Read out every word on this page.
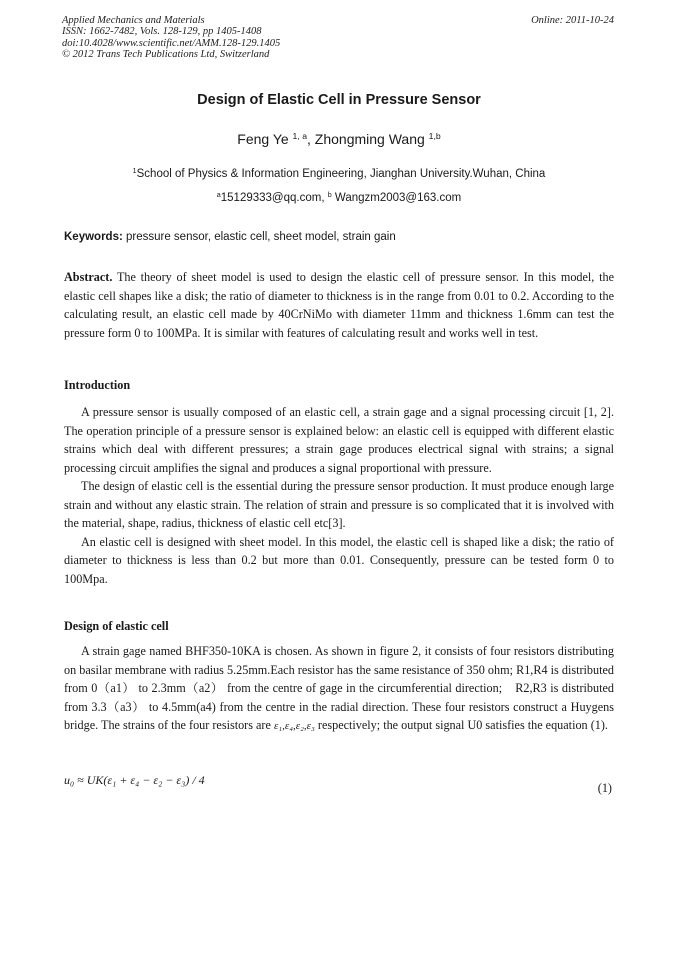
Applied Mechanics and Materials
ISSN: 1662-7482, Vols. 128-129, pp 1405-1408
doi:10.4028/www.scientific.net/AMM.128-129.1405
© 2012 Trans Tech Publications Ltd, Switzerland
Online: 2011-10-24
Design of Elastic Cell in Pressure Sensor
Feng Ye $^{1, a}$, Zhongming Wang $^{1,b}$
$^1$School of Physics & Information Engineering, Jianghan University.Wuhan, China
$^a$15129333@qq.com, $^b$ Wangzm2003@163.com
Keywords: pressure sensor, elastic cell, sheet model, strain gain

Abstract. The theory of sheet model is used to design the elastic cell of pressure sensor. In this model, the elastic cell shapes like a disk; the ratio of diameter to thickness is in the range from 0.01 to 0.2. According to the calculating result, an elastic cell made by 40CrNiMo with diameter 11mm and thickness 1.6mm can test the pressure form 0 to 100MPa. It is similar with features of calculating result and works well in test.

Introduction

A pressure sensor is usually composed of an elastic cell, a strain gage and a signal processing circuit [1, 2]. The operation principle of a pressure sensor is explained below: an elastic cell is equipped with different elastic strains which deal with different pressures; a strain gage produces electrical signal with strains; a signal processing circuit amplifies the signal and produces a signal proportional with pressure.

The design of elastic cell is the essential during the pressure sensor production. It must produce enough large strain and without any elastic strain. The relation of strain and pressure is so complicated that it is involved with the material, shape, radius, thickness of elastic cell etc[3].

An elastic cell is designed with sheet model. In this model, the elastic cell is shaped like a disk; the ratio of diameter to thickness is less than 0.2 but more than 0.01. Consequently, pressure can be tested form 0 to 100Mpa.

Design of elastic cell

A strain gage named BHF350-10KA is chosen. As shown in figure 2, it consists of four resistors distributing on basilar membrane with radius 5.25mm.Each resistor has the same resistance of 350 ohm; R1,R4 is distributed from 0（a1） to 2.3mm（a2） from the centre of gage in the circumferential direction;　R2,R3 is distributed from 3.3（a3） to 4.5mm(a4) from the centre in the radial direction. These four resistors construct a Huygens bridge. The strains of the four resistors are ε₁,ε₄,ε₂,ε₃ respectively; the output signal U0 satisfies the equation (1).

u₀ ≈ UK(ε₁ + ε₄ − ε₂ − ε₃) / 4
(1)
